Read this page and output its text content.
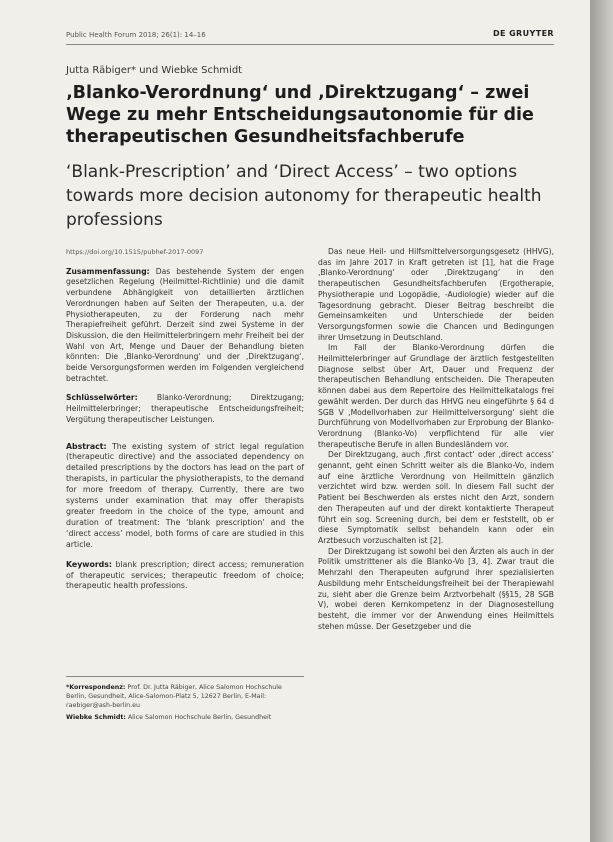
Public Health Forum 2018; 26(1): 14–16	DE GRUYTER
Jutta Räbiger* und Wiebke Schmidt
‚Blanko-Verordnung‘ und ‚Direktzugang‘ – zwei Wege zu mehr Entscheidungsautonomie für die therapeutischen Gesundheitsfachberufe
‘Blank-Prescription’ and ‘Direct Access’ – two options towards more decision autonomy for therapeutic health professions
https://doi.org/10.1515/pubhef-2017-0097
Zusammenfassung: Das bestehende System der engen gesetzlichen Regelung (Heilmittel-Richtlinie) und die damit verbundene Abhängigkeit von detaillierten ärztlichen Verordnungen haben auf Seiten der Therapeuten, u.a. der Physiotherapeuten, zu der Forderung nach mehr Therapiefreiheit geführt. Derzeit sind zwei Systeme in der Diskussion, die den Heilmittelerbringern mehr Freiheit bei der Wahl von Art, Menge und Dauer der Behandlung bieten könnten: Die ‚Blanko-Verordnung‘ und der ‚Direktzugang‘, beide Versorgungsformen werden im Folgenden vergleichend betrachtet.
Schlüsselwörter: Blanko-Verordnung; Direktzugang; Heilmittelerbringer; therapeutische Entscheidungsfreiheit; Vergütung therapeutischer Leistungen.
Abstract: The existing system of strict legal regulation (therapeutic directive) and the associated dependency on detailed prescriptions by the doctors has lead on the part of therapists, in particular the physiotherapists, to the demand for more freedom of therapy. Currently, there are two systems under examination that may offer therapists greater freedom in the choice of the type, amount and duration of treatment: The ‘blank prescription’ and the ‘direct access’ model, both forms of care are studied in this article.
Keywords: blank prescription; direct access; remuneration of therapeutic services; therapeutic freedom of choice; therapeutic health professions.

*Korrespondenz: Prof. Dr. Jutta Räbiger, Alice Salomon Hochschule Berlin, Gesundheit, Alice-Salomon-Platz 5, 12627 Berlin, E-Mail: raebiger@ash-berlin.eu

Wiebke Schmidt: Alice Salomon Hochschule Berlin, Gesundheit

Das neue Heil- und Hilfsmittelversorgungsgesetz (HHVG), das im Jahre 2017 in Kraft getreten ist [1], hat die Frage ‚Blanko-Verordnung‘ oder ‚Direktzugang‘ in den therapeutischen Gesundheitsfachberufen (Ergotherapie, Physiotherapie und Logopädie, -Audiologie) wieder auf die Tagesordnung gebracht. Dieser Beitrag beschreibt die Gemeinsamkeiten und Unterschiede der beiden Versorgungsformen sowie die Chancen und Bedingungen ihrer Umsetzung in Deutschland.

Im Fall der Blanko-Verordnung dürfen die Heilmittelerbringer auf Grundlage der ärztlich festgestellten Diagnose selbst über Art, Dauer und Frequenz der therapeutischen Behandlung entscheiden. Die Therapeuten können dabei aus dem Repertoire des Heilmittelkatalogs frei gewählt werden. Der durch das HHVG neu eingeführte § 64 d SGB V ‚Modellvorhaben zur Heilmittelversorgung‘ sieht die Durchführung von Modellvorhaben zur Erprobung der Blanko-Verordnung (Blanko-Vo) verpflichtend für alle vier therapeutische Berufe in allen Bundesländern vor.

Der Direktzugang, auch ‚first contact‘ oder ‚direct access‘ genannt, geht einen Schritt weiter als die Blanko-Vo, indem auf eine ärztliche Verordnung von Heilmitteln gänzlich verzichtet wird bzw. werden soll. In diesem Fall sucht der Patient bei Beschwerden als erstes nicht den Arzt, sondern den Therapeuten auf und der direkt kontaktierte Therapeut führt ein sog. Screening durch, bei dem er feststellt, ob er diese Symptomatik selbst behandeln kann oder ein Arztbesuch vorzuschalten ist [2].

Der Direktzugang ist sowohl bei den Ärzten als auch in der Politik umstrittener als die Blanko-Vo [3, 4]. Zwar traut die Mehrzahl den Therapeuten aufgrund ihrer spezialisierten Ausbildung mehr Entscheidungsfreiheit bei der Therapiewahl zu, sieht aber die Grenze beim Arztvorbehalt (§§15, 28 SGB V), wobei deren Kernkompetenz in der Diagnosestellung besteht, die immer vor der Anwendung eines Heilmittels stehen müsse. Der Gesetzgeber und die
